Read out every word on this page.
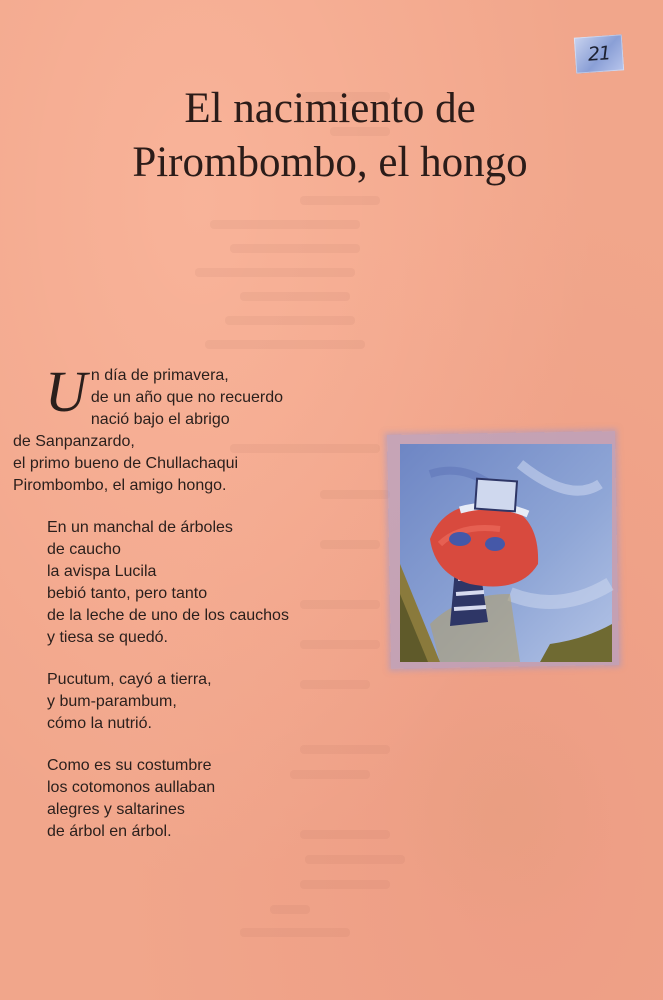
21
El nacimiento de
Pirombombo, el hongo
U n día de primavera,
de un año que no recuerdo
nació bajo el abrigo
de Sanpanzardo,
el primo bueno de Chullachaqui
Pirombombo, el amigo hongo.
En un manchal de árboles
de caucho
la avispa Lucila
bebió tanto, pero tanto
de la leche de uno de los cauchos
y tiesa se quedó.
Pucutum, cayó a tierra,
y bum-parambum,
cómo la nutrió.
Como es su costumbre
los cotomonos aullaban
alegres y saltarines
de árbol en árbol.
